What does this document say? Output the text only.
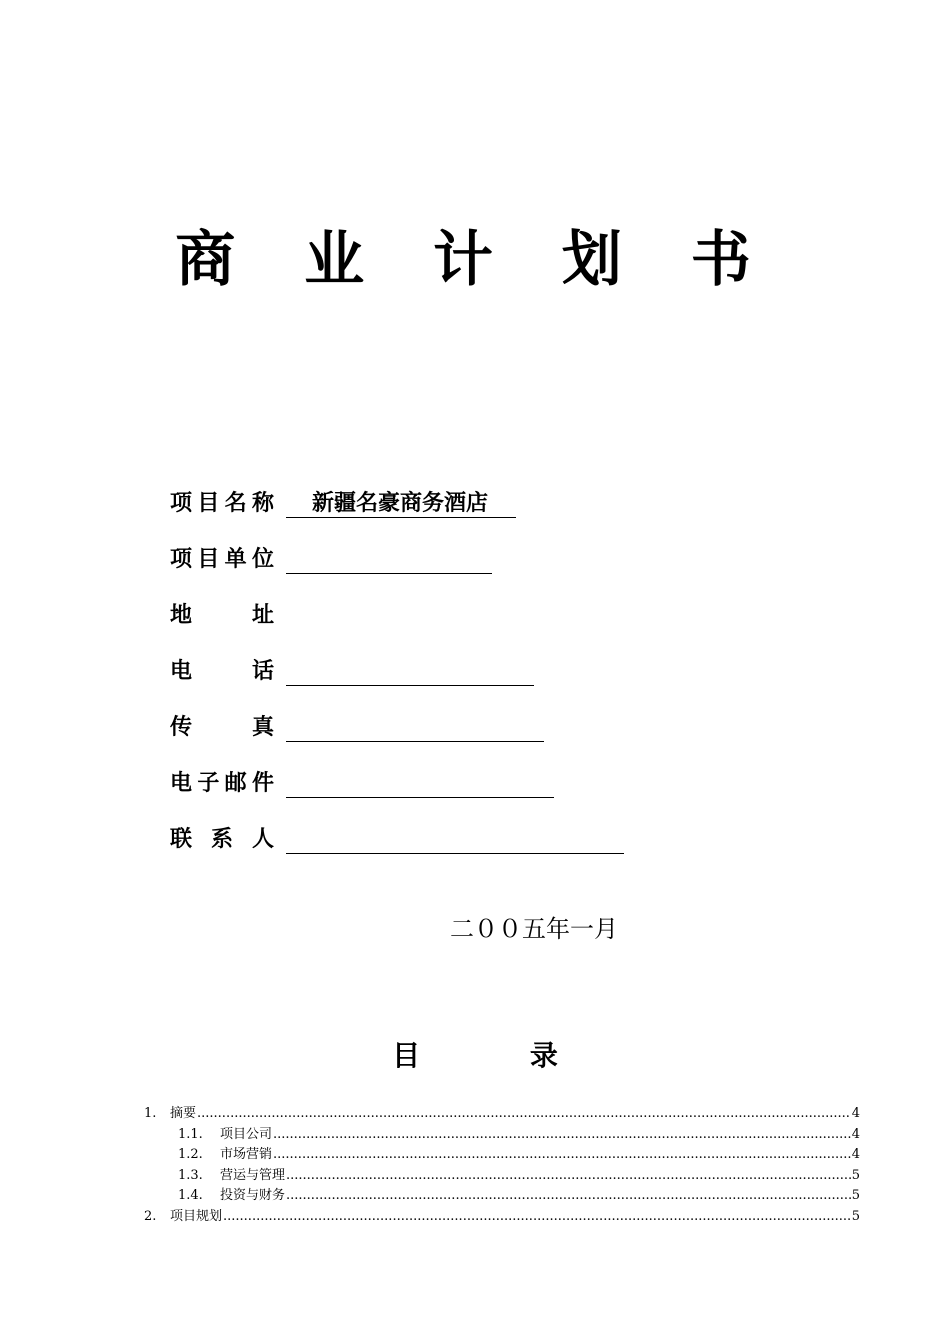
商 业 计 划 书
项目名称	新疆名豪商务酒店
项目单位
地 址
电 话
传 真
电子邮件
联 系 人
二００五年一月
目 录
1.	摘要 .....	4
1.1.	项目公司 .....	4
1.2.	市场营销 .....	4
1.3.	营运与管理 .....	5
1.4.	投资与财务 .....	5
2.	项目规划 .....	5
